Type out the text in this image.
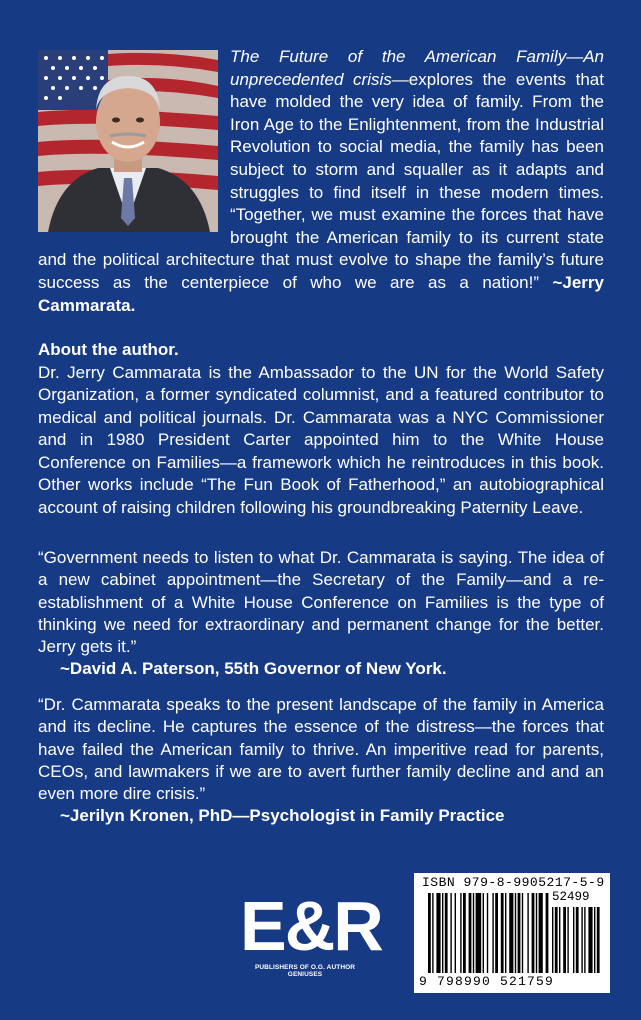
The Future of the American Family—An unprecedented crisis—explores the events that have molded the very idea of family. From the Iron Age to the Enlightenment, from the Industrial Revolution to social media, the family has been subject to storm and squaller as it adapts and struggles to find itself in these modern times. “Together, we must examine the forces that have brought the American family to its current state and the political architecture that must evolve to shape the family’s future success as the centerpiece of who we are as a nation!” ~Jerry Cammarata.
About the author.
Dr. Jerry Cammarata is the Ambassador to the UN for the World Safety Organization, a former syndicated columnist, and a featured contributor to medical and political journals. Dr. Cammarata was a NYC Commissioner and in 1980 President Carter appointed him to the White House Conference on Families—a framework which he reintroduces in this book. Other works include “The Fun Book of Fatherhood,” an autobiographical account of raising children following his groundbreaking Paternity Leave.
“Government needs to listen to what Dr. Cammarata is saying. The idea of a new cabinet appointment—the Secretary of the Family—and a re-establishment of a White House Conference on Families is the type of thinking we need for extraordinary and permanent change for the better. Jerry gets it.”
~David A. Paterson, 55th Governor of New York.
“Dr. Cammarata speaks to the present landscape of the family in America and its decline. He captures the essence of the distress—the forces that have failed the American family to thrive. An imperitive read for parents, CEOs, and lawmakers if we are to avert further family decline and and an even more dire crisis.”
~Jerilyn Kronen, PhD—Psychologist in Family Practice
E&R
PUBLISHERS OF O.G. AUTHOR GENIUSES
ISBN 979-8-9905217-5-9
52499
9 798990 521759
